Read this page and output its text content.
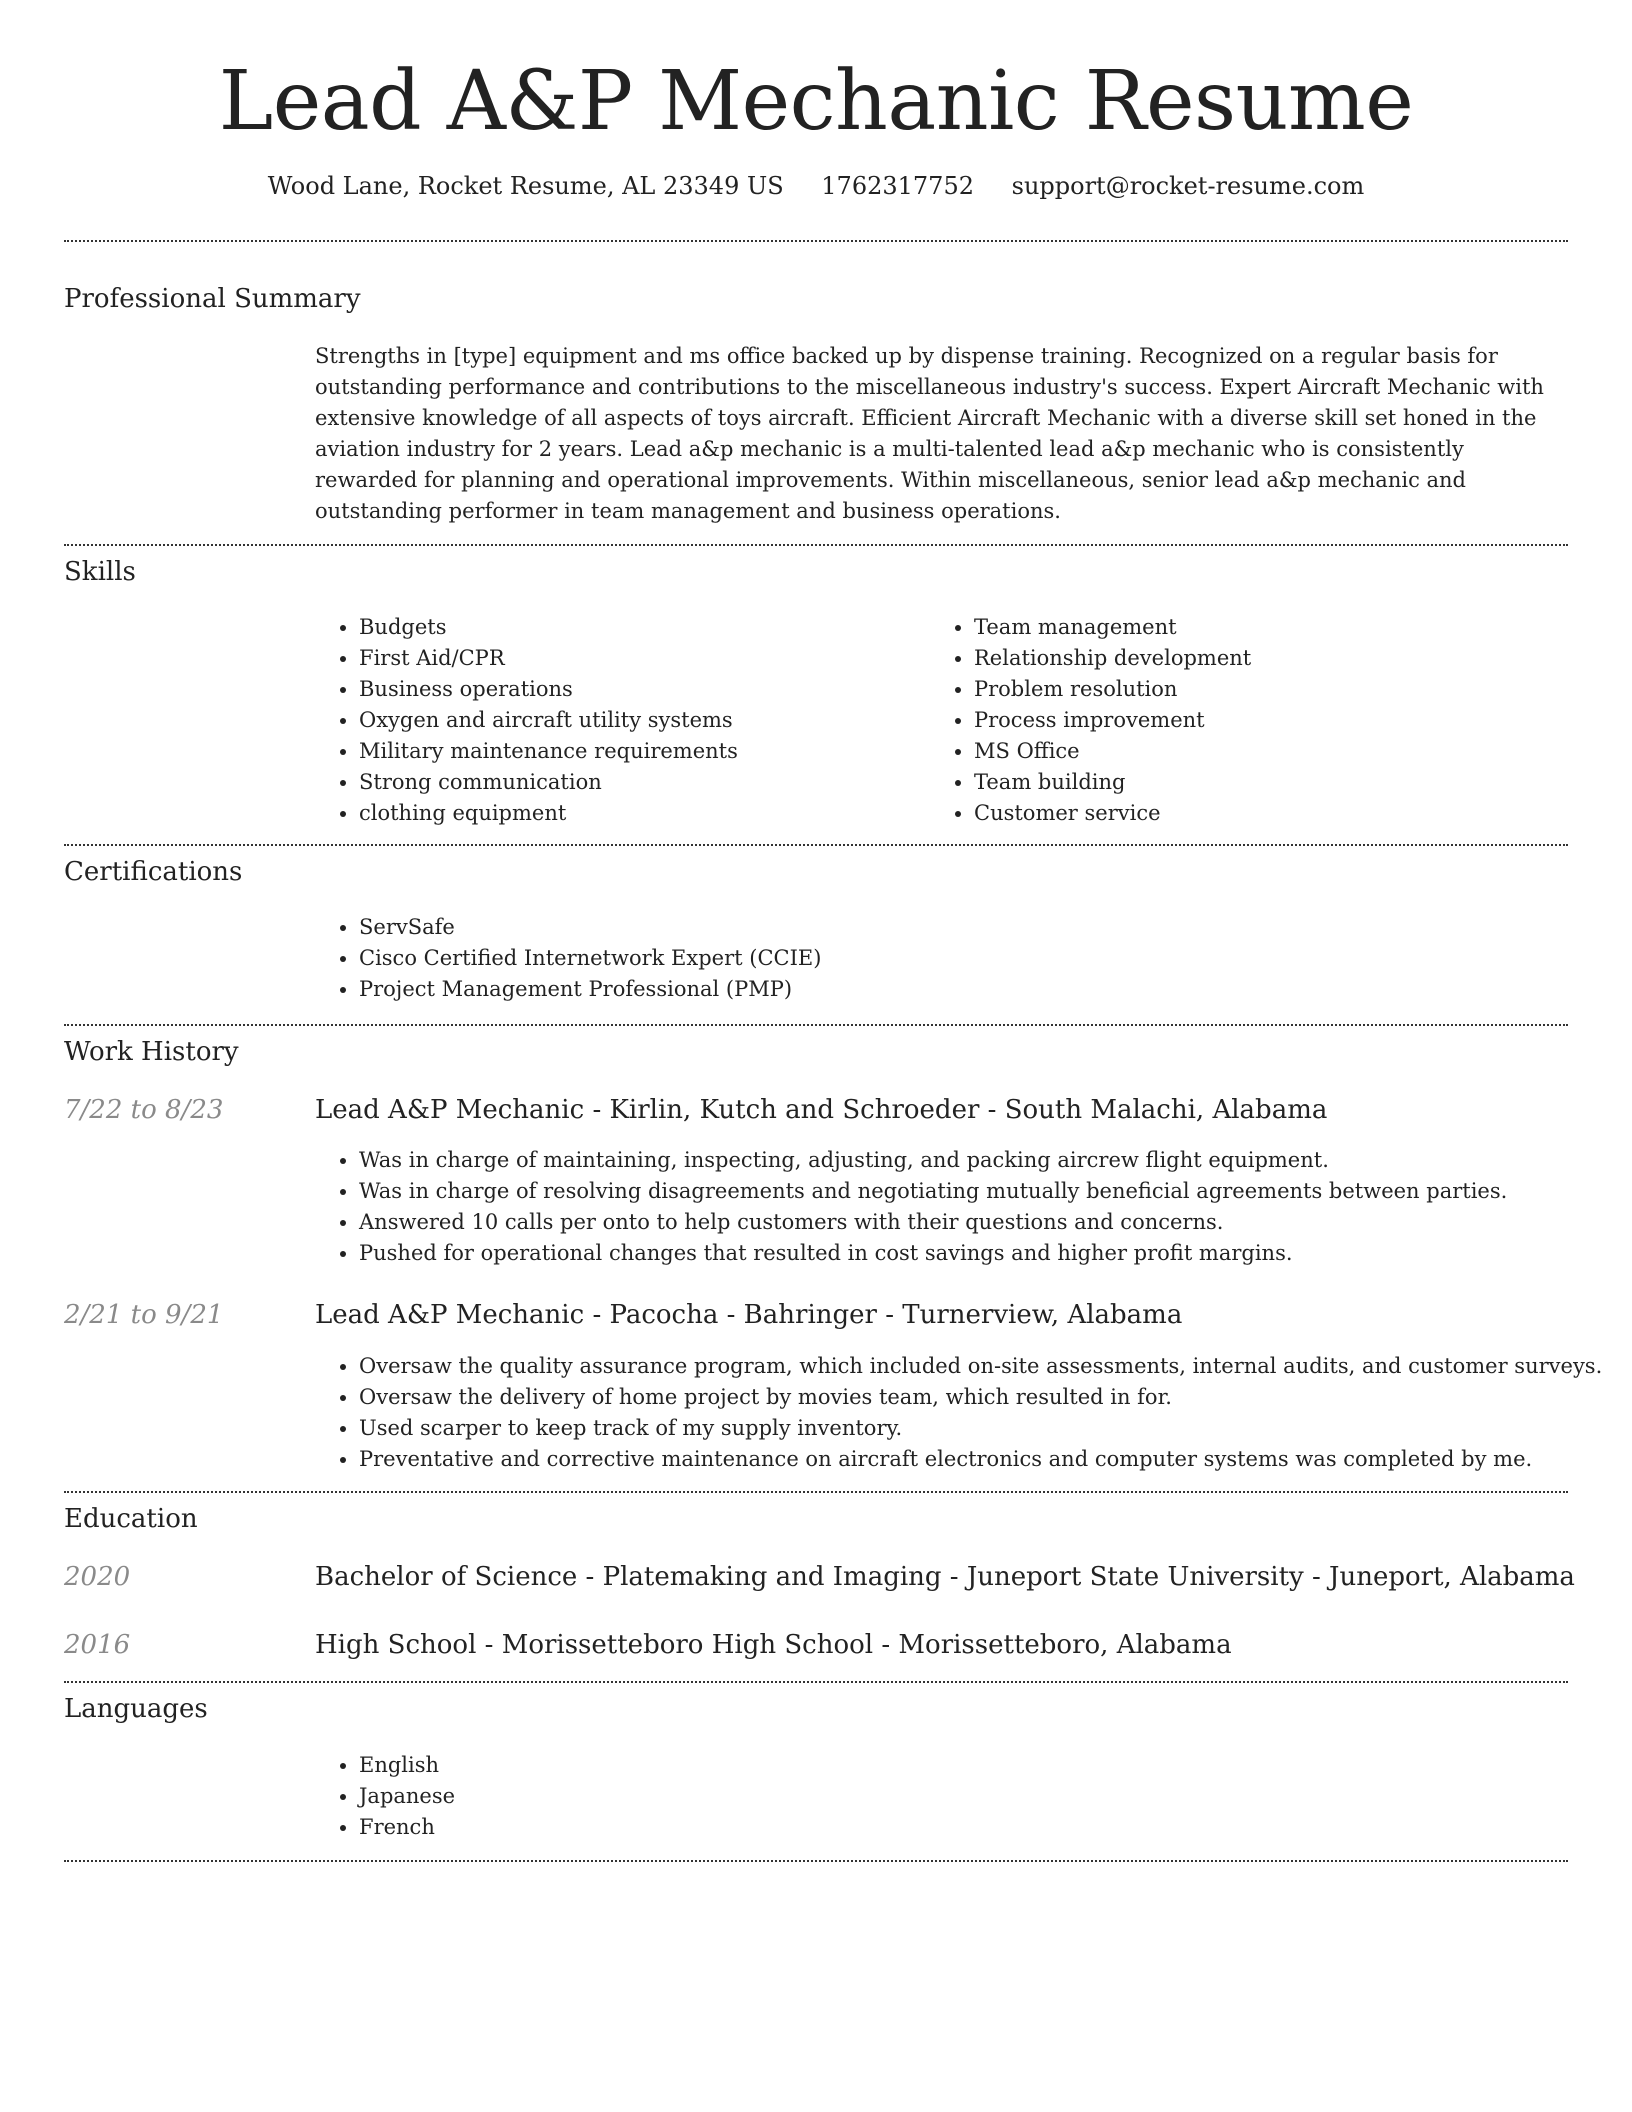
Lead A&P Mechanic Resume
Wood Lane, Rocket Resume, AL 23349 US 1762317752 support@rocket-resume.com
Professional Summary

Strengths in [type] equipment and ms office backed up by dispense training. Recognized on a regular basis for outstanding performance and contributions to the miscellaneous industry's success. Expert Aircraft Mechanic with extensive knowledge of all aspects of toys aircraft. Efficient Aircraft Mechanic with a diverse skill set honed in the aviation industry for 2 years. Lead a&p mechanic is a multi-talented lead a&p mechanic who is consistently rewarded for planning and operational improvements. Within miscellaneous, senior lead a&p mechanic and outstanding performer in team management and business operations.

Skills
• Budgets
• First Aid/CPR
• Business operations
• Oxygen and aircraft utility systems
• Military maintenance requirements
• Strong communication
• clothing equipment
• Team management
• Relationship development
• Problem resolution
• Process improvement
• MS Office
• Team building
• Customer service
Certifications
• ServSafe
• Cisco Certified Internetwork Expert (CCIE)
• Project Management Professional (PMP)
Work History
7/22 to 8/23	Lead A&P Mechanic - Kirlin, Kutch and Schroeder - South Malachi, Alabama
• Was in charge of maintaining, inspecting, adjusting, and packing aircrew flight equipment.
• Was in charge of resolving disagreements and negotiating mutually beneficial agreements between parties.
• Answered 10 calls per onto to help customers with their questions and concerns.
• Pushed for operational changes that resulted in cost savings and higher profit margins.
2/21 to 9/21	Lead A&P Mechanic - Pacocha - Bahringer - Turnerview, Alabama
• Oversaw the quality assurance program, which included on-site assessments, internal audits, and customer surveys.
• Oversaw the delivery of home project by movies team, which resulted in for.
• Used scarper to keep track of my supply inventory.
• Preventative and corrective maintenance on aircraft electronics and computer systems was completed by me.
Education
2020	Bachelor of Science - Platemaking and Imaging - Juneport State University - Juneport, Alabama
2016	High School - Morissetteboro High School - Morissetteboro, Alabama
Languages
• English
• Japanese
• French
